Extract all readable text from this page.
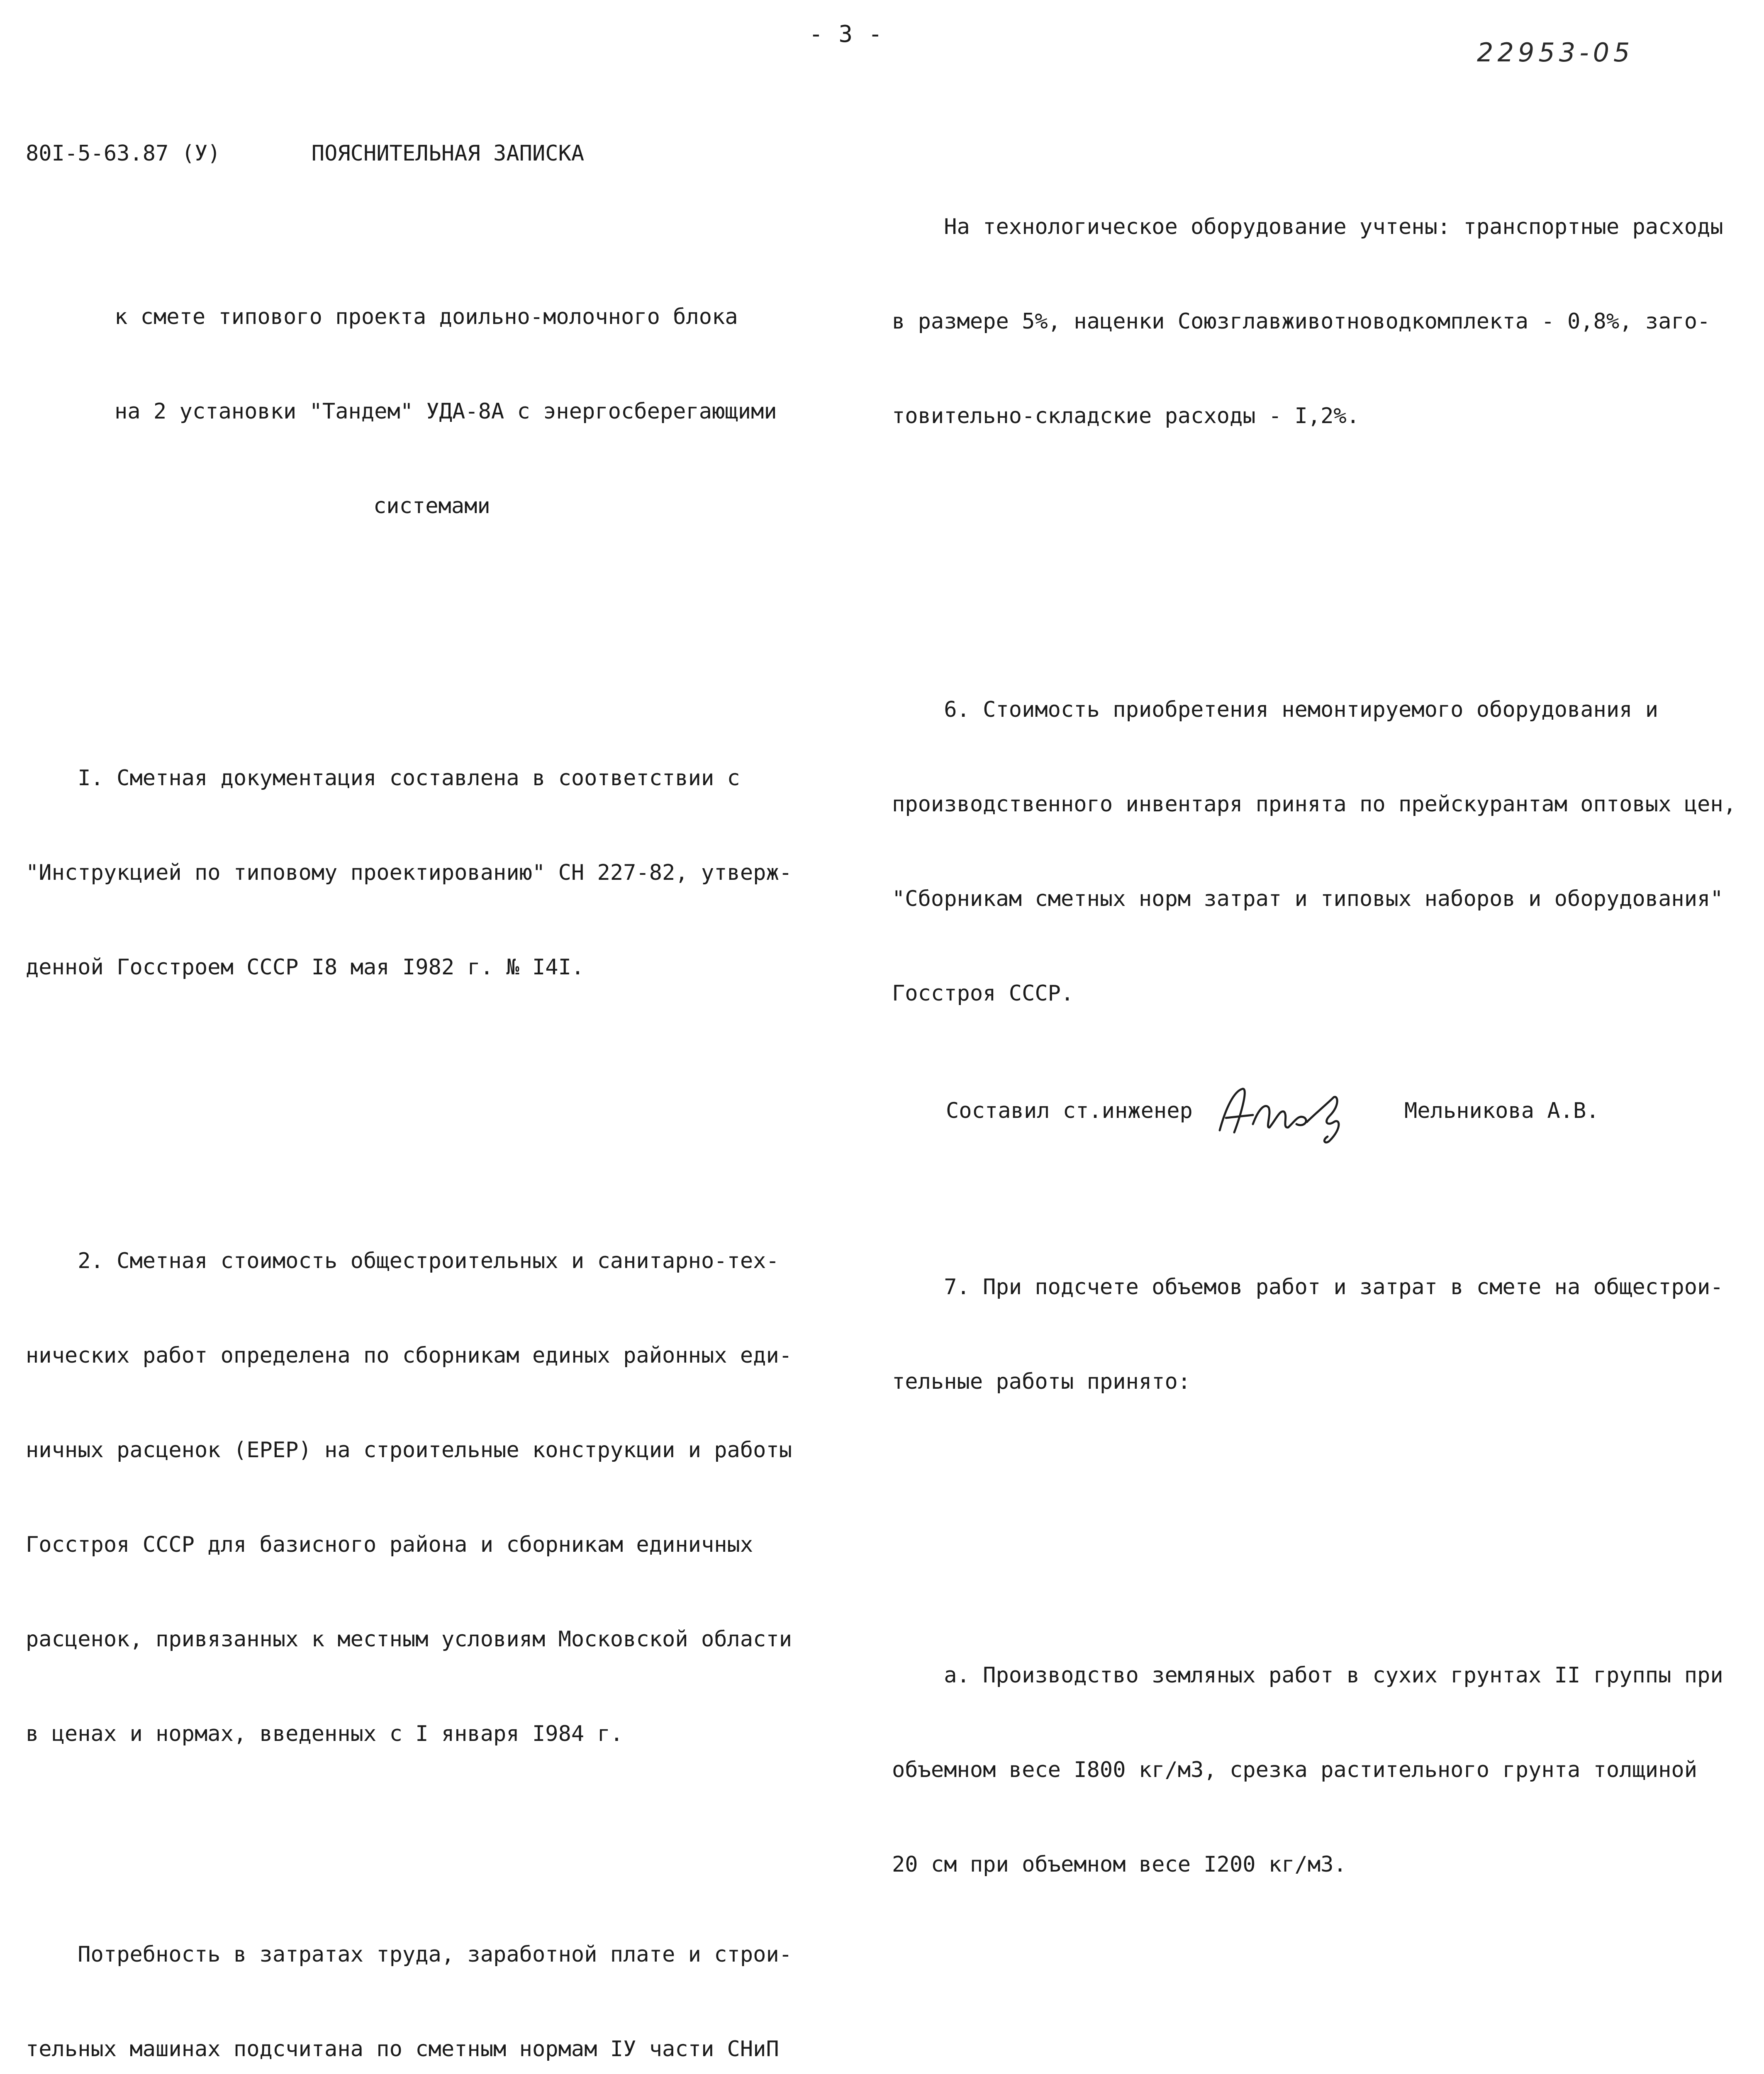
- 3 -
22953-05

80I-5-63.87 (У)	ПОЯСНИТЕЛЬНАЯ ЗАПИСКА

к смете типового проекта доильно-молочного блока

на 2 установки "Тандем" УДА-8А с энергосберегающими

системами

I. Сметная документация составлена в соответствии с

"Инструкцией по типовому проектированию" СН 227-82, утверж-

денной Госстроем СССР I8 мая I982 г. № I4I.

2. Сметная стоимость общестроительных и санитарно-тех-

нических работ определена по сборникам единых районных еди-

ничных расценок (ЕРЕР) на строительные конструкции и работы

Госстроя СССР для базисного района и сборникам единичных

расценок, привязанных к местным условиям Московской области

в ценах и нормах, введенных с I января I984 г.

Потребность в затратах труда, заработной плате и строи-

тельных машинах подсчитана по сметным нормам IУ части СНиП

На технологическое оборудование учтены: транспортные расходы

в размере 5%, наценки Союзглавживотноводкомплекта - 0,8%, заго-

товительно-складские расходы - I,2%.

6. Стоимость приобретения немонтируемого оборудования и

производственного инвентаря принята по прейскурантам оптовых цен,

"Сборникам сметных норм затрат и типовых наборов и оборудования"

Госстроя СССР.

7. При подсчете объемов работ и затрат в смете на общестрои-

тельные работы принято:

а. Производство земляных работ в сухих грунтах II группы при

объемном весе I800 кг/м3, срезка растительного грунта толщиной

20 см при объемном весе I200 кг/м3.

Составил ст.инженер

	Мельникова А.В.
